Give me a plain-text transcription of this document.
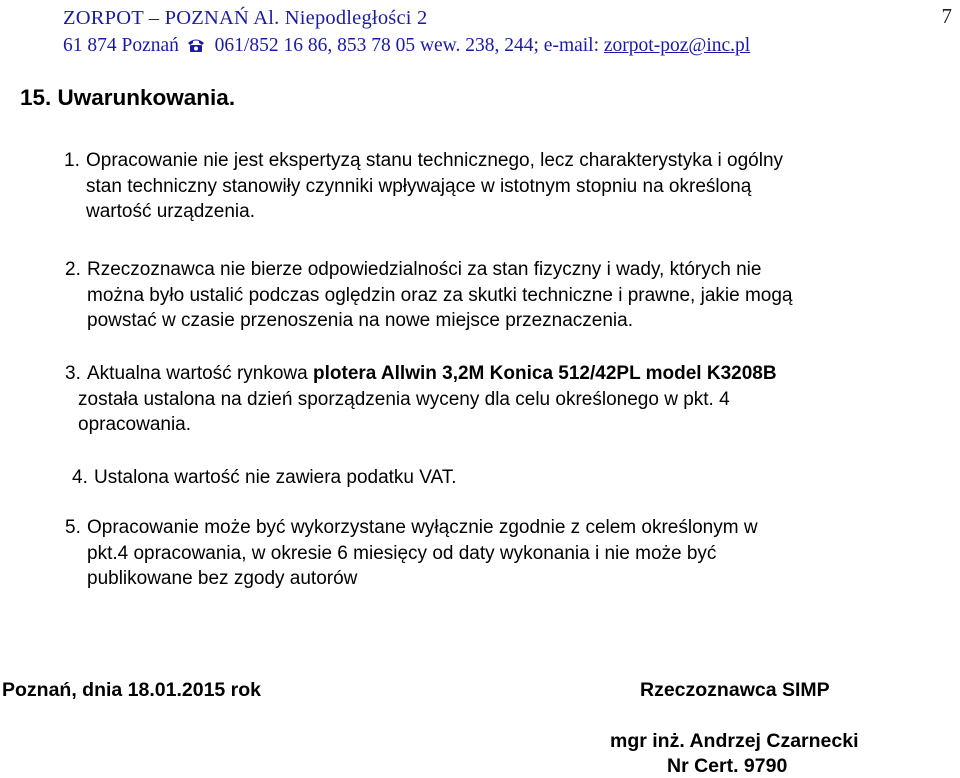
ZORPOT – POZNAŃ Al. Niepodległości 2
61 874 Poznań 061/852 16 86, 853 78 05 wew. 238, 244; e-mail: zorpot-poz@inc.pl
7
15. Uwarunkowania.
1. Opracowanie nie jest ekspertyzą stanu technicznego, lecz charakterystyka i ogólny
stan techniczny stanowiły czynniki wpływające w istotnym stopniu na określoną
wartość urządzenia.
2. Rzeczoznawca nie bierze odpowiedzialności za stan fizyczny i wady, których nie
można było ustalić podczas oględzin oraz za skutki techniczne i prawne, jakie mogą
powstać w czasie przenoszenia na nowe miejsce przeznaczenia.
3. Aktualna wartość rynkowa plotera Allwin 3,2M Konica 512/42PL model K3208B
została ustalona na dzień sporządzenia wyceny dla celu określonego w pkt. 4
opracowania.
4. Ustalona wartość nie zawiera podatku VAT.
5. Opracowanie może być wykorzystane wyłącznie zgodnie z celem określonym w
pkt.4 opracowania, w okresie 6 miesięcy od daty wykonania i nie może być
publikowane bez zgody autorów
Poznań, dnia 18.01.2015 rok	Rzeczoznawca SIMP
mgr inż. Andrzej Czarnecki
Nr Cert. 9790
